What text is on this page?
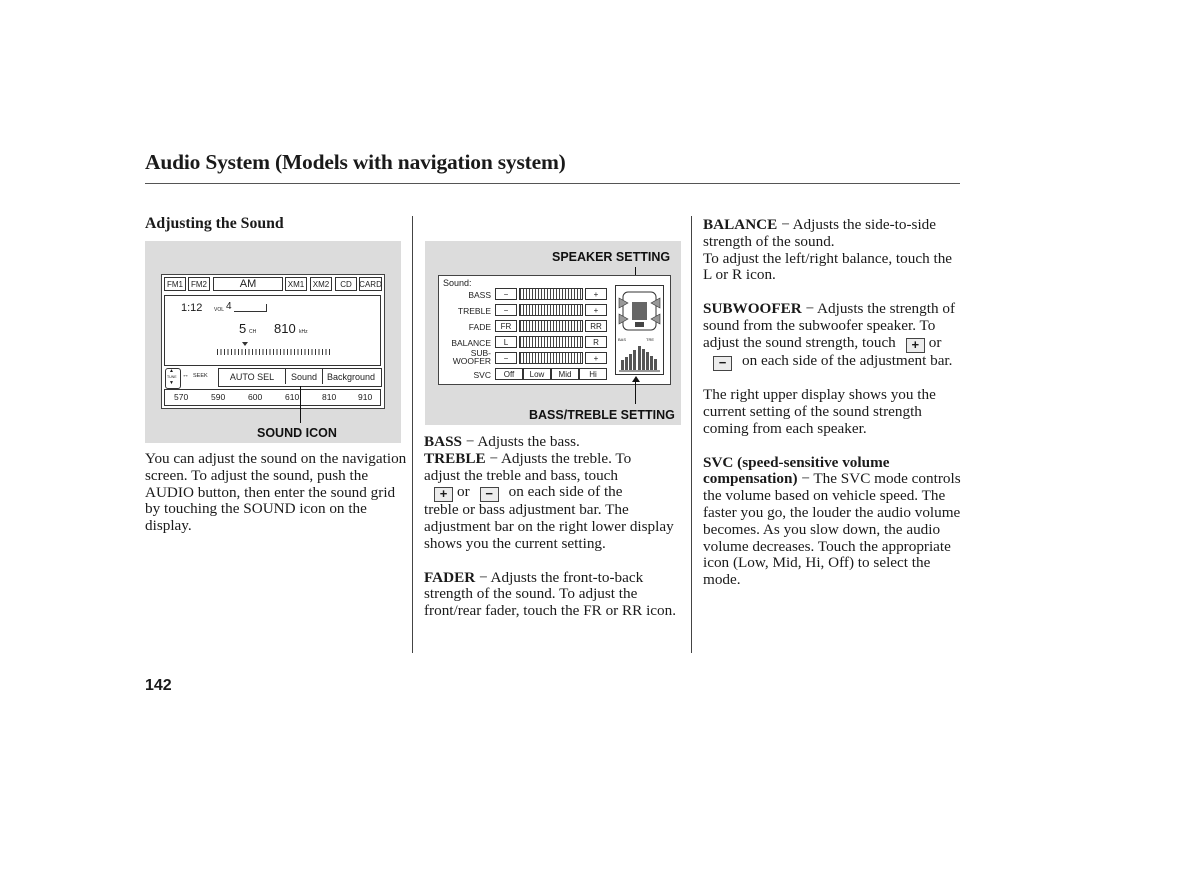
Audio System (Models with navigation system)
Adjusting the Sound
FM1	FM2	AM	XM1	XM2	CD CARD
1:12 VOL 4
5 CH 810 kHz
▲
TUNE
▼
↔ SEEK	AUTO SEL	Sound	Background
570	590	600	610	810	910
SOUND ICON
You can adjust the sound on the navigation screen. To adjust the sound, push the AUDIO button, then enter the sound grid by touching the SOUND icon on the display.
SPEAKER SETTING
Sound:
BASS	−	+
TREBLE	−	+
FADE	FR	RR
BALANCE	L	R
SUB-
WOOFER	−	+
SVC	Off	Low	Mid	Hi
BAS	TRE
BASS/TREBLE SETTING

BASS − Adjusts the bass.

TREBLE − Adjusts the treble. To

adjust the treble and bass, touch

+ or − on each side of the

treble or bass adjustment bar. The adjustment bar on the right lower display shows you the current setting.

FADER − Adjusts the front-to-back strength of the sound. To adjust the front/rear fader, touch the FR or RR icon.

BALANCE − Adjusts the side-to-side strength of the sound.

To adjust the left/right balance, touch the L or R icon.

SUBWOOFER − Adjusts the strength of sound from the subwoofer speaker. To adjust the sound strength, touch + or
− on each side of the adjustment bar.

The right upper display shows you the current setting of the sound strength coming from each speaker.

SVC (speed-sensitive volume compensation) − The SVC mode controls the volume based on vehicle speed. The faster you go, the louder the audio volume becomes. As you slow down, the audio volume decreases. Touch the appropriate icon (Low, Mid, Hi, Off) to select the mode.

142
